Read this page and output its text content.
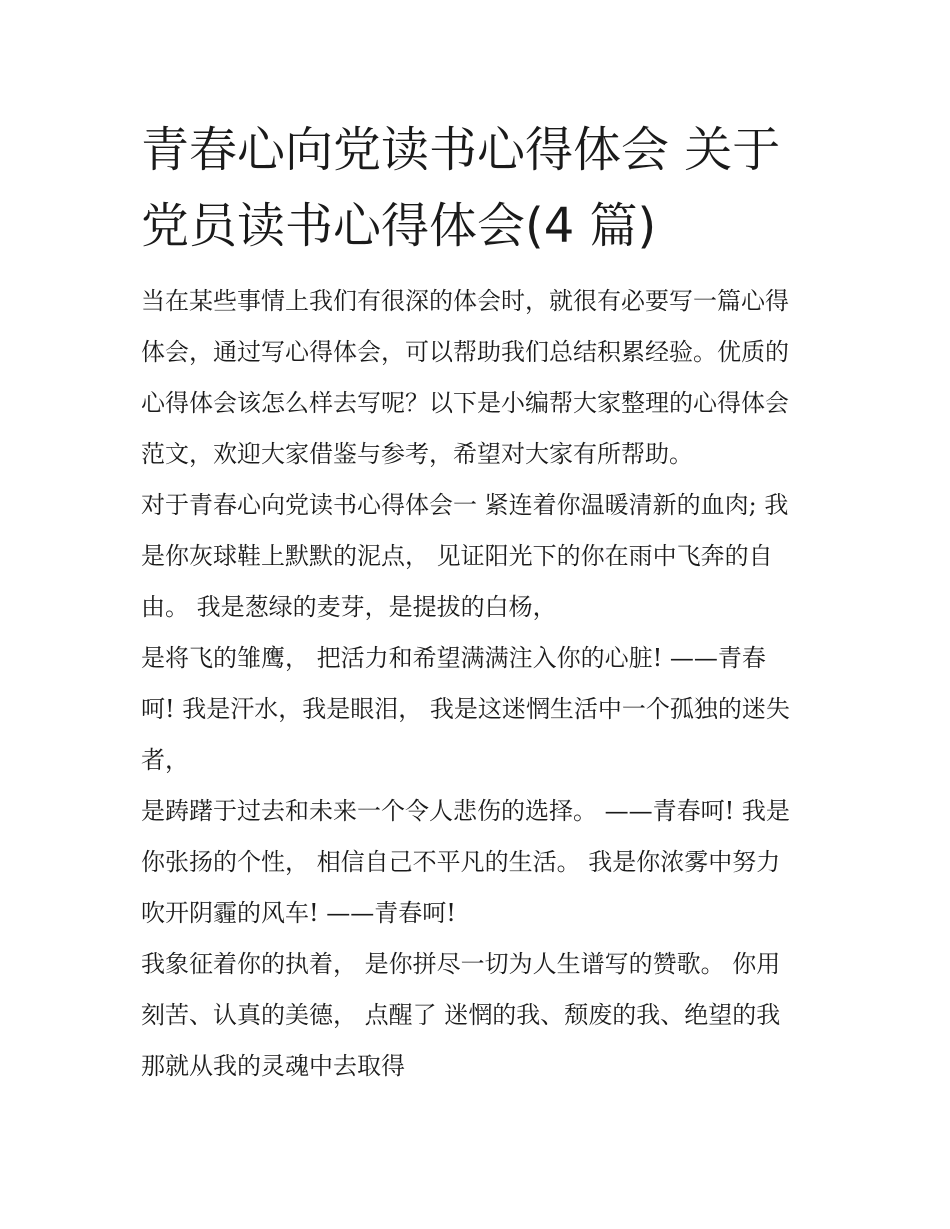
青春心向党读书心得体会 关于
党员读书心得体会(4 篇)

当在某些事情上我们有很深的体会时，就很有必要写一篇心得
体会，通过写心得体会，可以帮助我们总结积累经验。优质的
心得体会该怎么样去写呢？以下是小编帮大家整理的心得体会
范文，欢迎大家借鉴与参考，希望对大家有所帮助。

对于青春心向党读书心得体会一 紧连着你温暖清新的血肉; 我
是你灰球鞋上默默的泥点， 见证阳光下的你在雨中飞奔的自
由。 我是葱绿的麦芽，是提拔的白杨，

是将飞的雏鹰， 把活力和希望满满注入你的心脏! ——青春
呵! 我是汗水，我是眼泪， 我是这迷惘生活中一个孤独的迷失
者，

是踌躇于过去和未来一个令人悲伤的选择。 ——青春呵! 我是
你张扬的个性， 相信自己不平凡的生活。 我是你浓雾中努力
吹开阴霾的风车! ——青春呵!

我象征着你的执着， 是你拼尽一切为人生谱写的赞歌。 你用
刻苦、认真的美德， 点醒了 迷惘的我、颓废的我、绝望的我
那就从我的灵魂中去取得
